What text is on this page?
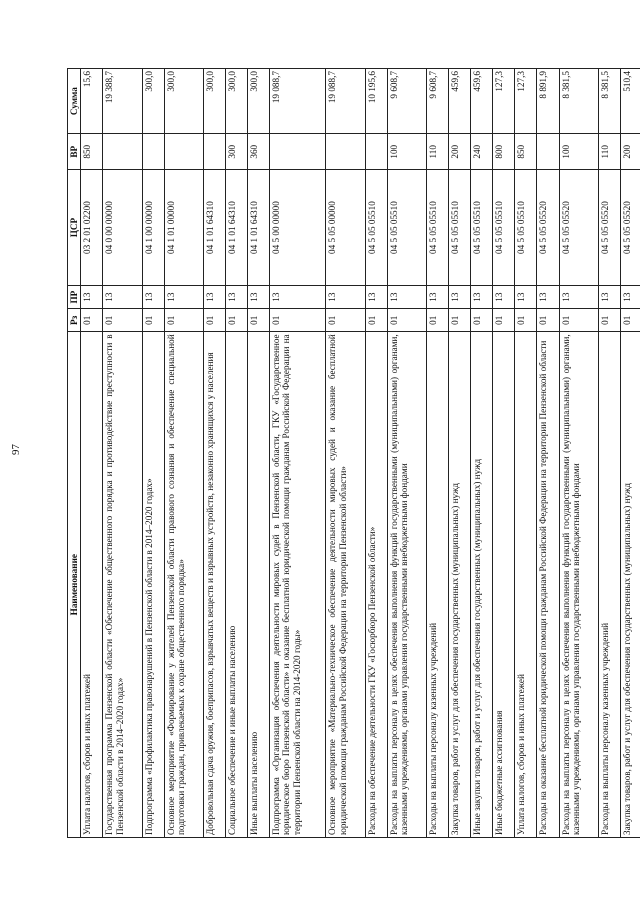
97
Наименование	Рз	ПР	ЦСР	ВР	Сумма
Уплата налогов, сборов и иных платежей	01	13	03 2 01 02200	850	15,6
Государственная программа Пензенской области «Обеспечение общественного порядка и противодействие преступности в Пензенской области в 2014–2020 годах»	01	13	04 0 00 00000		19 388,7
Подпрограмма «Профилактика правонарушений в Пензенской области в 2014–2020 годах»	01	13	04 1 00 00000		300,0
Основное мероприятие «Формирование у жителей Пензенской области правового сознания и обеспечение специальной подготовки граждан, привлекаемых к охране общественного порядка»	01	13	04 1 01 00000		300,0
Добровольная сдача оружия, боеприпасов, взрывчатых веществ и взрывных устройств, незаконно хранящихся у населения	01	13	04 1 01 64310		300,0
Социальное обеспечение и иные выплаты населению	01	13	04 1 01 64310	300	300,0
Иные выплаты населению	01	13	04 1 01 64310	360	300,0
Подпрограмма «Организация обеспечения деятельности мировых судей в Пензенской области, ГКУ «Государственное юридическое бюро Пензенской области» и оказание бесплатной юридической помощи гражданам Российской Федерации на территории Пензенской области на 2014-2020 годы»	01	13	04 5 00 00000		19 088,7
Основное мероприятие «Материально-техническое обеспечение деятельности мировых судей и оказание бесплатной юридической помощи гражданам Российской Федерации на территории Пензенской области»	01	13	04 5 05 00000		19 088,7
Расходы на обеспечение деятельности ГКУ «Госюрбюро Пензенской области»	01	13	04 5 05 05510		10 195,6
Расходы на выплаты персоналу в целях обеспечения выполнения функций государственными (муниципальными) органами, казенными учреждениями, органами управления государственными внебюджетными фондами	01	13	04 5 05 05510	100	9 608,7
Расходы на выплаты персоналу казенных учреждений	01	13	04 5 05 05510	110	9 608,7
Закупка товаров, работ и услуг для обеспечения государственных (муниципальных) нужд	01	13	04 5 05 05510	200	459,6
Иные закупки товаров, работ и услуг для обеспечения государственных (муниципальных) нужд	01	13	04 5 05 05510	240	459,6
Иные бюджетные ассигнования	01	13	04 5 05 05510	800	127,3
Уплата налогов, сборов и иных платежей	01	13	04 5 05 05510	850	127,3
Расходы на оказание бесплатной юридической помощи гражданам Российской Федерации на территории Пензенской области	01	13	04 5 05 05520		8 891,9
Расходы на выплаты персоналу в целях обеспечения выполнения функций государственными (муниципальными) органами, казенными учреждениями, органами управления государственными внебюджетными фондами	01	13	04 5 05 05520	100	8 381,5
Расходы на выплаты персоналу казенных учреждений	01	13	04 5 05 05520	110	8 381,5
Закупка товаров, работ и услуг для обеспечения государственных (муниципальных) нужд	01	13	04 5 05 05520	200	510,4
